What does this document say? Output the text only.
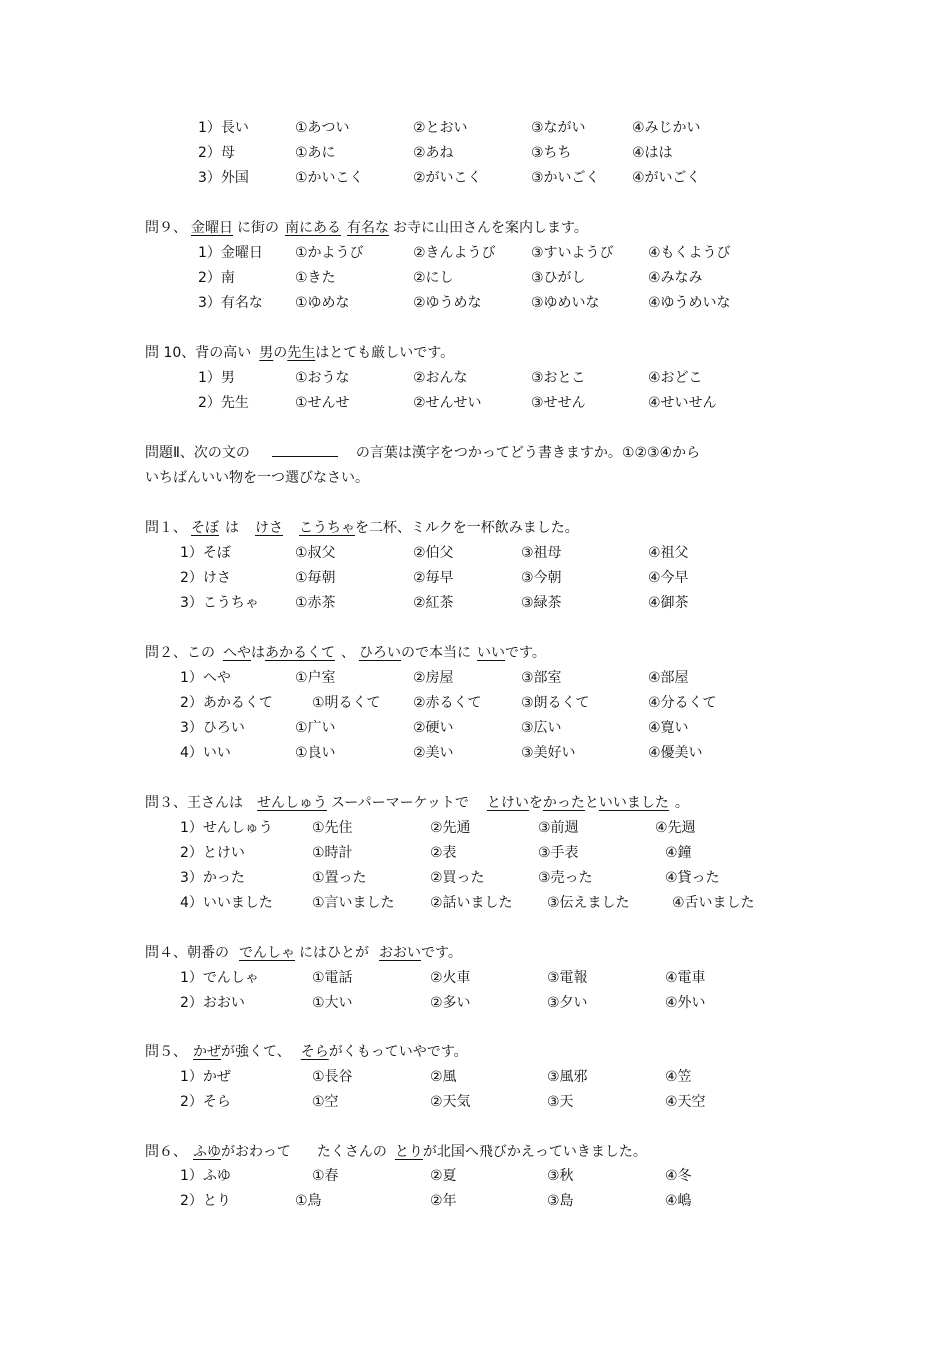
1）長い	①あつい	②とおい	③ながい	④みじかい
2）母	①あに	②あね	③ちち	④はは
3）外国	①かいこく	②がいこく	③かいごく ④がいごく
問９、 金曜日 に街の 南にある 有名な お寺に山田さんを案内します。
1）金曜日 ①かようび	②きんようび	③すいようび ④もくようび
2）南	①きた	②にし	③ひがし	④みなみ
3）有名な ①ゆめな	②ゆうめな	③ゆめいな	④ゆうめいな
問 10、背の高い 男の先生はとても厳しいです。
1）男	①おうな	②おんな	③おとこ	④おどこ
2）先生	①せんせ	②せんせい	③せせん	④せいせん
問題Ⅱ、次の文の	の言葉は漢字をつかってどう書きますか。①②③④から
いちばんいい物を一つ選びなさい。
問１、 そぼ は けさ こうちゃを二杯、ミルクを一杯飲みました。
1）そぼ	①叔父	②伯父	③祖母	④祖父
2）けさ	①毎朝	②毎早	③今朝	④今早
3）こうちゃ	①赤茶	②紅茶	③緑茶	④御茶
問２、この へやはあかるくて 、 ひろいので本当に いいです。
1）へや	①户室	②房屋	③部室	④部屋
2）あかるくて	①明るくて ②赤るくて	③朗るくて	④分るくて
3）ひろい	①广い	②硬い	③広い	④寛い
4）いい	①良い	②美い	③美好い	④優美い
問３、王さんは せんしゅう スーパーマーケットで とけいをかったといいました 。
1）せんしゅう	①先住	②先通	③前週	④先週
2）とけい	①時計	②表	③手表	④鐘
3）かった	①置った	②買った	③売った	④貸った
4）いいました	①言いました	②話いました ③伝えました	④舌いました
問４、朝番の でんしゃ にはひとが おおいです。
1）でんしゃ	①電話	②火車	③電報	④電車
2）おおい	①大い	②多い	③夕い	④外い
問５、 かぜが強くて、 そらがくもっていやです。
1）かぜ	①長谷	②風	③風邪	④笠
2）そら	①空	②天気	③天	④天空
問６、 ふゆがおわって たくさんの とりが北国へ飛びかえっていきました。
1）ふゆ	①春	②夏	③秋	④冬
2）とり	①鳥	②年	③島	④嶋
